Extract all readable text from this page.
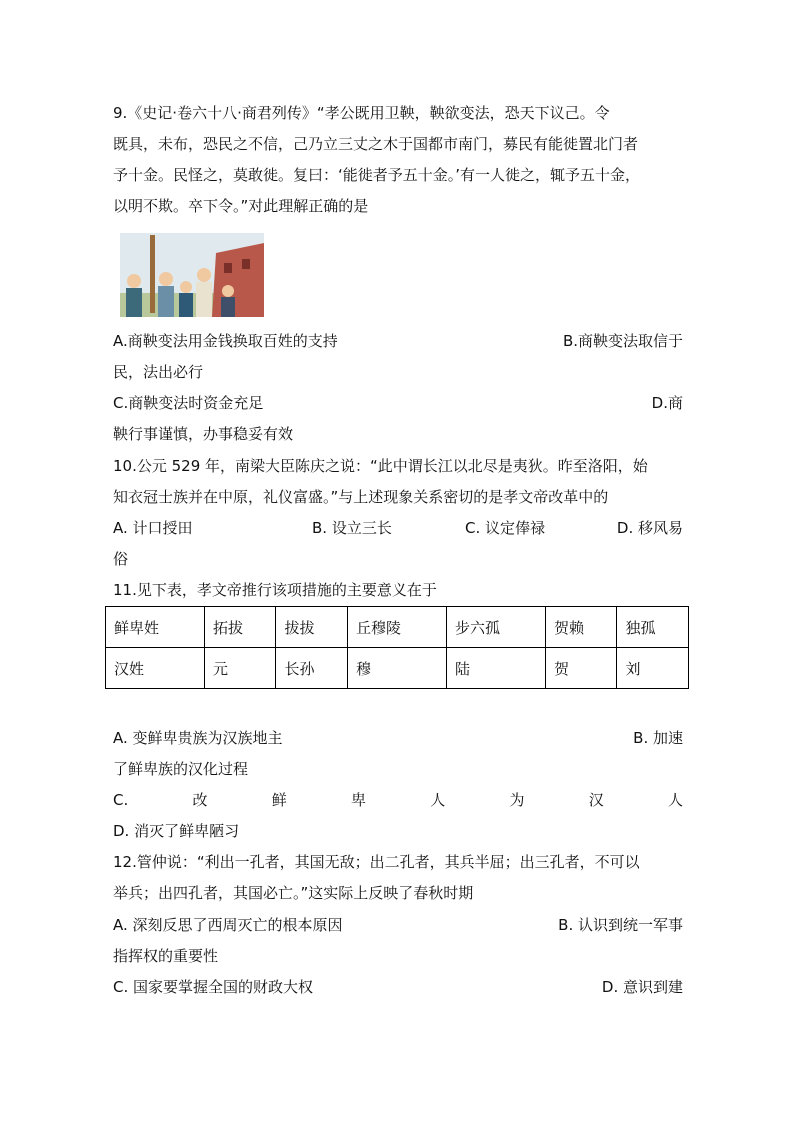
9.《史记·卷六十八·商君列传》“孝公既用卫鞅，鞅欲变法，恐天下议己。令
既具，未布，恐民之不信，己乃立三丈之木于国都市南门，募民有能徙置北门者
予十金。民怪之，莫敢徙。复曰：‘能徙者予五十金。’有一人徙之，辄予五十金，
以明不欺。卒下令。”对此理解正确的是
A.商鞅变法用金钱换取百姓的支持	B.商鞅变法取信于
民，法出必行
C.商鞅变法时资金充足	D.商
鞅行事谨慎，办事稳妥有效
10.公元 529 年，南梁大臣陈庆之说：“此中谓长江以北尽是夷狄。昨至洛阳，始
知衣冠士族并在中原，礼仪富盛。”与上述现象关系密切的是孝文帝改革中的
A. 计口授田	B. 设立三长	C. 议定俸禄	D. 移风易
俗
11.见下表，孝文帝推行该项措施的主要意义在于
鲜卑姓	拓拔	拔拔	丘穆陵	步六孤	贺赖	独孤
汉姓	元	长孙	穆	陆	贺	刘
A. 变鲜卑贵族为汉族地主	B. 加速
了鲜卑族的汉化过程
C.	改	鲜	卑	人	为	汉	人
D. 消灭了鲜卑陋习
12.管仲说：“利出一孔者，其国无敌；出二孔者，其兵半屈；出三孔者，不可以
举兵；出四孔者，其国必亡。”这实际上反映了春秋时期
A. 深刻反思了西周灭亡的根本原因	B. 认识到统一军事
指挥权的重要性
C. 国家要掌握全国的财政大权	D. 意识到建
